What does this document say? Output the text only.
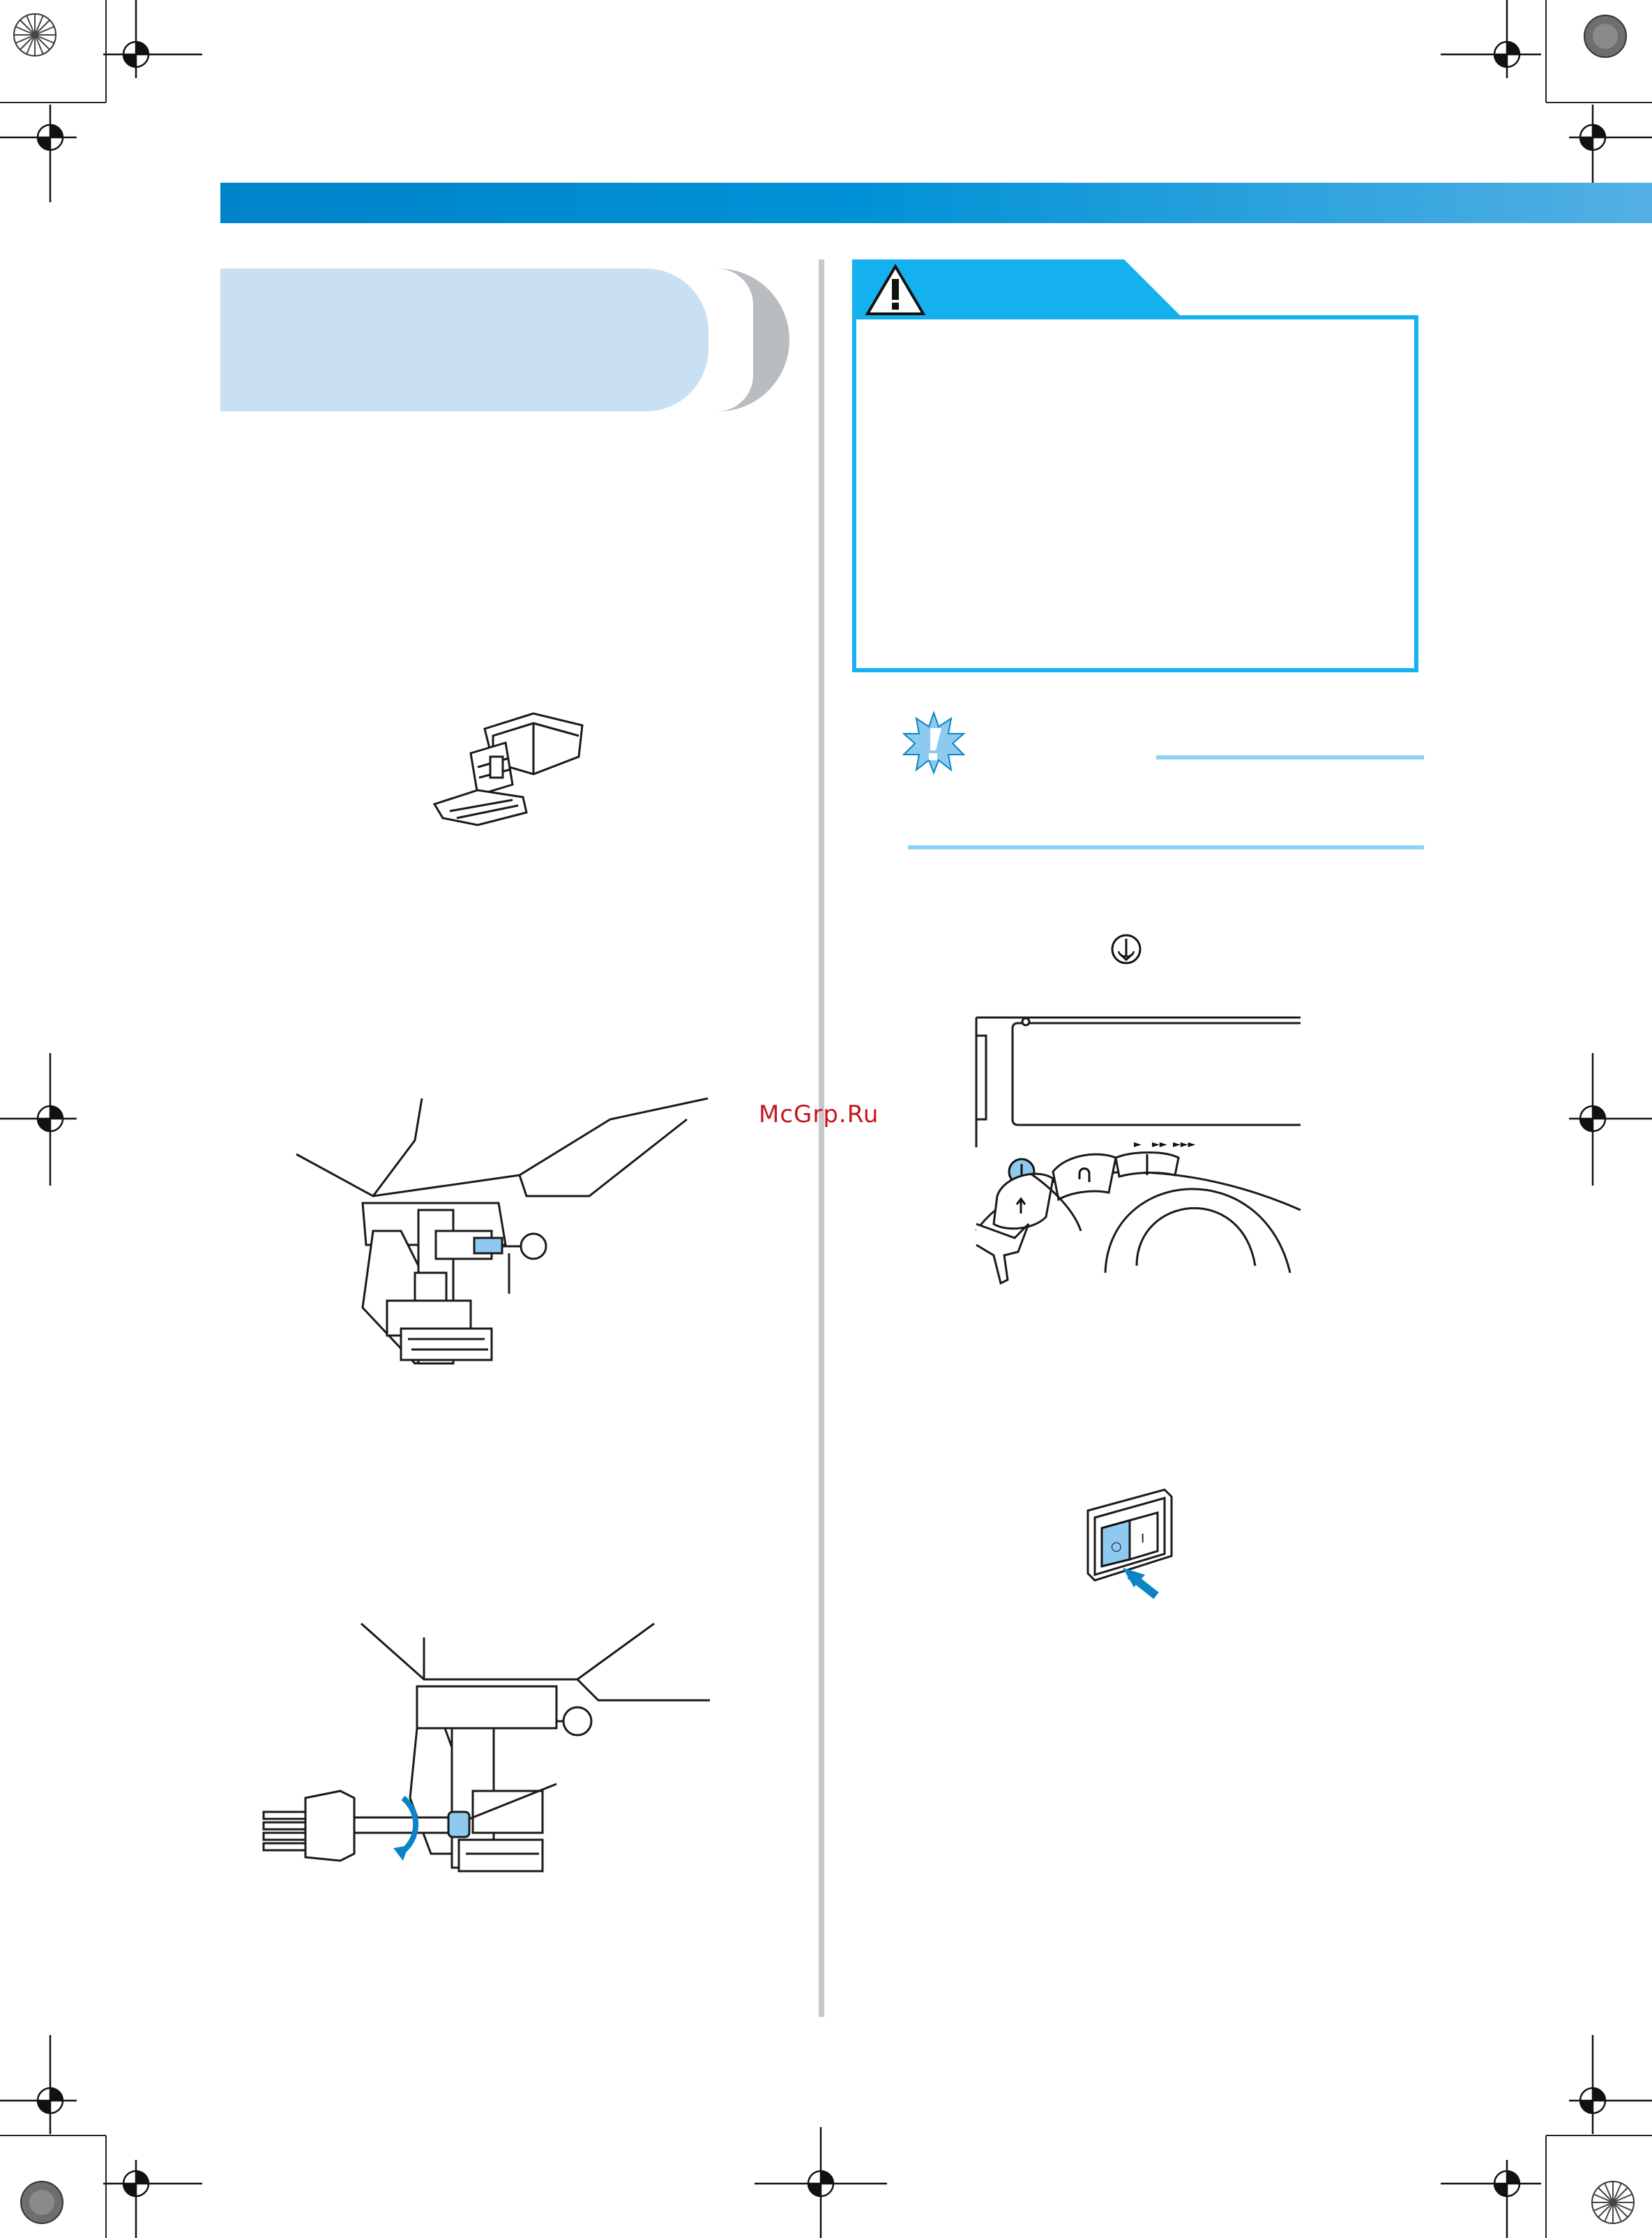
► ►► ►►►
○
I
McGrp.Ru
